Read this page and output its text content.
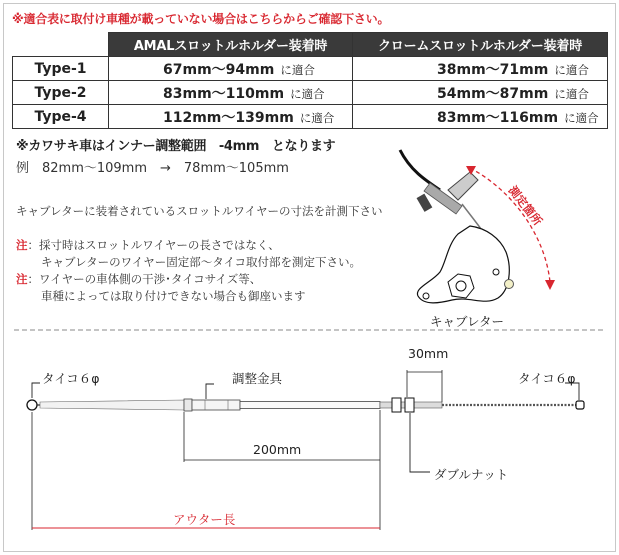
※適合表に取付け車種が載っていない場合はこちらからご確認下さい。
	AMALスロットルホルダー装着時	クロームスロットルホルダー装着時
Type-1	67mm～94mm に適合	38mm～71mm に適合
Type-2	83mm～110mm に適合	54mm～87mm に適合
Type-4	112mm～139mm に適合	83mm～116mm に適合
※カワサキ車はインナー調整範囲　-4mm　となります
例　82mm～109mm　→　78mm～105mm
キャブレターに装着されているスロットルワイヤーの寸法を計測下さい
注：採寸時はスロットルワイヤーの長さではなく、
キャブレターのワイヤー固定部～タイコ取付部を測定下さい。
注：ワイヤーの車体側の干渉･タイコサイズ等、
車種によっては取り付けできない場合も御座います
測定箇所
キャブレター
タイコ６φ	調整金具
30mm
タイコ６φ
200mm
ダブルナット
アウター長
